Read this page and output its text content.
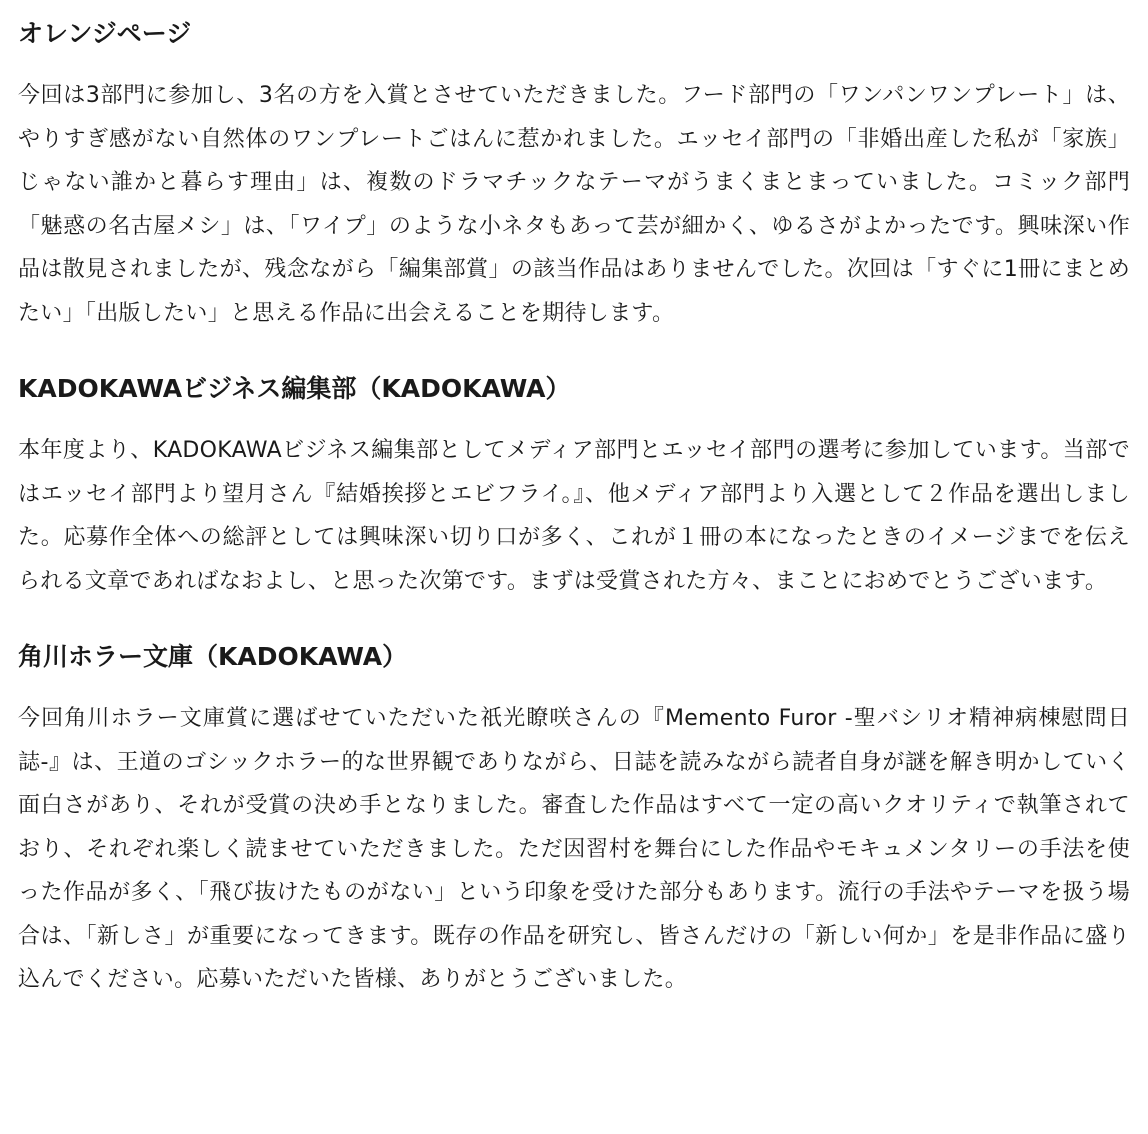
オレンジページ

今回は3部門に参加し、3名の方を入賞とさせていただきました。フード部門の「ワンパンワンプレート」は、やりすぎ感がない自然体のワンプレートごはんに惹かれました。エッセイ部門の「非婚出産した私が「家族」じゃない誰かと暮らす理由」は、複数のドラマチックなテーマがうまくまとまっていました。コミック部門「魅惑の名古屋メシ」は、「ワイプ」のような小ネタもあって芸が細かく、ゆるさがよかったです。興味深い作品は散見されましたが、残念ながら「編集部賞」の該当作品はありませんでした。次回は「すぐに1冊にまとめたい」「出版したい」と思える作品に出会えることを期待します。

KADOKAWAビジネス編集部（KADOKAWA）

本年度より、KADOKAWAビジネス編集部としてメディア部門とエッセイ部門の選考に参加しています。当部ではエッセイ部門より望月さん『結婚挨拶とエビフライ。』、他メディア部門より入選として２作品を選出しました。応募作全体への総評としては興味深い切り口が多く、これが１冊の本になったときのイメージまでを伝えられる文章であればなおよし、と思った次第です。まずは受賞された方々、まことにおめでとうございます。

角川ホラー文庫（KADOKAWA）

今回角川ホラー文庫賞に選ばせていただいた祇光瞭咲さんの『Memento Furor -聖バシリオ精神病棟慰問日誌-』は、王道のゴシックホラー的な世界観でありながら、日誌を読みながら読者自身が謎を解き明かしていく面白さがあり、それが受賞の決め手となりました。審査した作品はすべて一定の高いクオリティで執筆されており、それぞれ楽しく読ませていただきました。ただ因習村を舞台にした作品やモキュメンタリーの手法を使った作品が多く、「飛び抜けたものがない」という印象を受けた部分もあります。流行の手法やテーマを扱う場合は、「新しさ」が重要になってきます。既存の作品を研究し、皆さんだけの「新しい何か」を是非作品に盛り込んでください。応募いただいた皆様、ありがとうございました。
